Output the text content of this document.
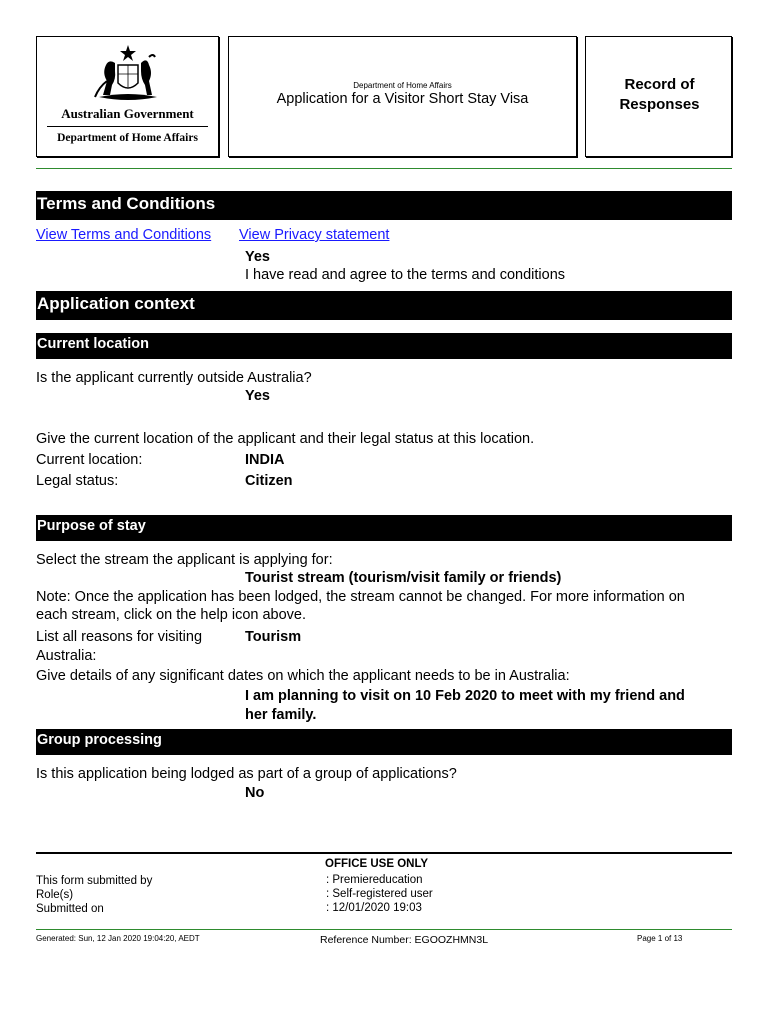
Australian Government
Department of Home Affairs
Department of Home Affairs
Application for a Visitor Short Stay Visa
Record of Responses
Terms and Conditions
View Terms and Conditions View Privacy statement
Yes
I have read and agree to the terms and conditions
Application context
Current location
Is the applicant currently outside Australia?
Yes
Give the current location of the applicant and their legal status at this location.
Current location:	INDIA
Legal status:	Citizen
Purpose of stay
Select the stream the applicant is applying for:
Tourist stream (tourism/visit family or friends)
Note: Once the application has been lodged, the stream cannot be changed. For more information on
each stream, click on the help icon above.
List all reasons for visiting
Australia:
Tourism
Give details of any significant dates on which the applicant needs to be in Australia:
I am planning to visit on 10 Feb 2020 to meet with my friend and
her family.
Group processing
Is this application being lodged as part of a group of applications?
No
OFFICE USE ONLY
This form submitted by	: Premiereducation
Role(s)	: Self-registered user
Submitted on	: 12/01/2020 19:03
Generated: Sun, 12 Jan 2020 19:04:20, AEDT	Reference Number: EGOOZHMN3L	Page 1 of 13
